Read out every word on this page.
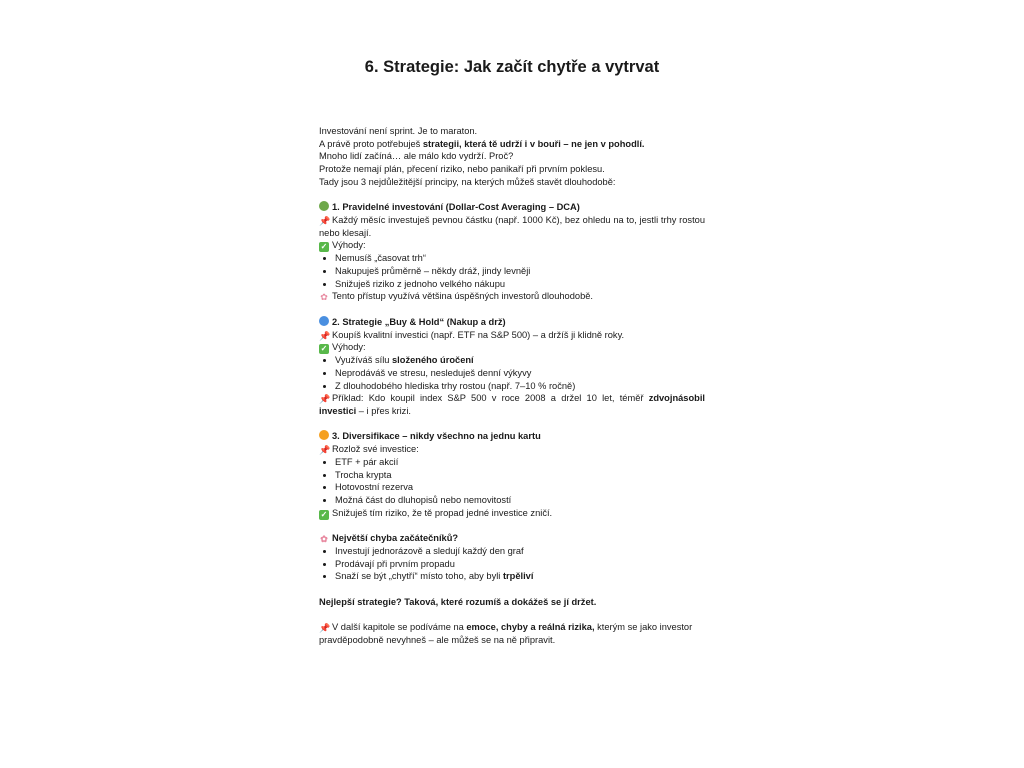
6. Strategie: Jak začít chytře a vytrvat

Investování není sprint. Je to maraton.

A právě proto potřebuješ strategii, která tě udrží i v bouři – ne jen v pohodlí.

Mnoho lidí začíná… ale málo kdo vydrží. Proč?

Protože nemají plán, přecení riziko, nebo panikaří při prvním poklesu.

Tady jsou 3 nejdůležitější principy, na kterých můžeš stavět dlouhodobě:

1. Pravidelné investování (Dollar-Cost Averaging – DCA)

📌 Každý měsíc investuješ pevnou částku (např. 1000 Kč), bez ohledu na to, jestli trhy rostou nebo klesají.

✓ Výhody:

• Nemusíš „časovat trh“
• Nakupuješ průměrně – někdy dráž, jindy levněji
• Snižuješ riziko z jednoho velkého nákupu

✿ Tento přístup využívá většina úspěšných investorů dlouhodobě.

2. Strategie „Buy & Hold“ (Nakup a drž)

📌 Koupíš kvalitní investici (např. ETF na S&P 500) – a držíš ji klidně roky.

✓ Výhody:

• Využíváš sílu složeného úročení
• Neprodáváš ve stresu, nesleduješ denní výkyvy
• Z dlouhodobého hlediska trhy rostou (např. 7–10 % ročně)

📌 Příklad: Kdo koupil index S&P 500 v roce 2008 a držel 10 let, téměř zdvojnásobil investici – i přes krizi.

3. Diversifikace – nikdy všechno na jednu kartu

📌 Rozlož své investice:

• ETF + pár akcií
• Trocha krypta
• Hotovostní rezerva
• Možná část do dluhopisů nebo nemovitostí

✓ Snižuješ tím riziko, že tě propad jedné investice zničí.

✿ Největší chyba začátečníků?

• Investují jednorázově a sledují každý den graf
• Prodávají při prvním propadu
• Snaží se být „chytří“ místo toho, aby byli trpěliví

Nejlepší strategie? Taková, které rozumíš a dokážeš se jí držet.

📌 V další kapitole se podíváme na emoce, chyby a reálná rizika, kterým se jako investor pravděpodobně nevyhneš – ale můžeš se na ně připravit.
